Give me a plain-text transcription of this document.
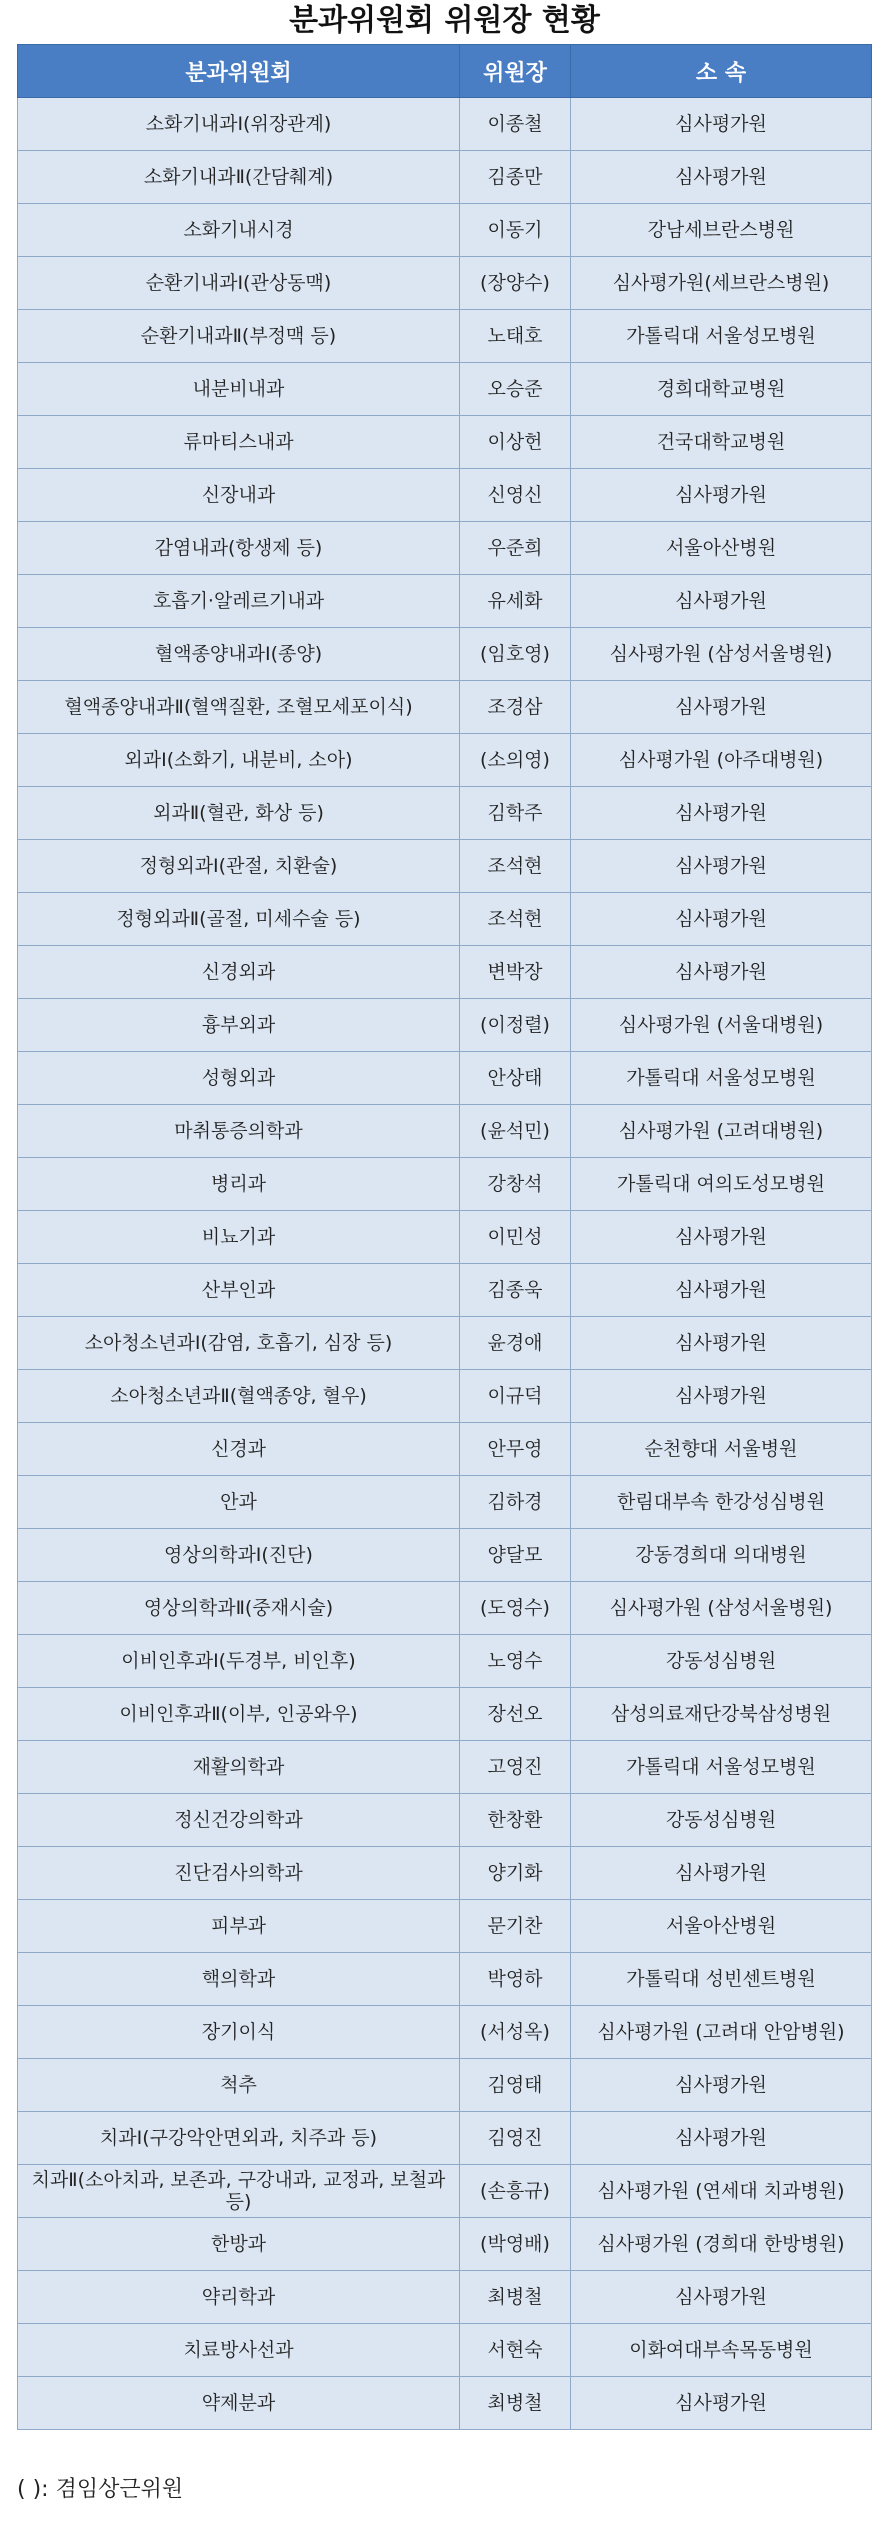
분과위원회 위원장 현황
분과위원회	위원장	소 속
소화기내과Ⅰ(위장관계)	이종철	심사평가원
소화기내과Ⅱ(간담췌계)	김종만	심사평가원
소화기내시경	이동기	강남세브란스병원
순환기내과Ⅰ(관상동맥)	(장양수)	심사평가원(세브란스병원)
순환기내과Ⅱ(부정맥 등)	노태호	가톨릭대 서울성모병원
내분비내과	오승준	경희대학교병원
류마티스내과	이상헌	건국대학교병원
신장내과	신영신	심사평가원
감염내과(항생제 등)	우준희	서울아산병원
호흡기·알레르기내과	유세화	심사평가원
혈액종양내과Ⅰ(종양)	(임호영)	심사평가원 (삼성서울병원)
혈액종양내과Ⅱ(혈액질환, 조혈모세포이식)	조경삼	심사평가원
외과Ⅰ(소화기, 내분비, 소아)	(소의영)	심사평가원 (아주대병원)
외과Ⅱ(혈관, 화상 등)	김학주	심사평가원
정형외과Ⅰ(관절, 치환술)	조석현	심사평가원
정형외과Ⅱ(골절, 미세수술 등)	조석현	심사평가원
신경외과	변박장	심사평가원
흉부외과	(이정렬)	심사평가원 (서울대병원)
성형외과	안상태	가톨릭대 서울성모병원
마취통증의학과	(윤석민)	심사평가원 (고려대병원)
병리과	강창석	가톨릭대 여의도성모병원
비뇨기과	이민성	심사평가원
산부인과	김종욱	심사평가원
소아청소년과Ⅰ(감염, 호흡기, 심장 등)	윤경애	심사평가원
소아청소년과Ⅱ(혈액종양, 혈우)	이규덕	심사평가원
신경과	안무영	순천향대 서울병원
안과	김하경	한림대부속 한강성심병원
영상의학과Ⅰ(진단)	양달모	강동경희대 의대병원
영상의학과Ⅱ(중재시술)	(도영수)	심사평가원 (삼성서울병원)
이비인후과Ⅰ(두경부, 비인후)	노영수	강동성심병원
이비인후과Ⅱ(이부, 인공와우)	장선오	삼성의료재단강북삼성병원
재활의학과	고영진	가톨릭대 서울성모병원
정신건강의학과	한창환	강동성심병원
진단검사의학과	양기화	심사평가원
피부과	문기찬	서울아산병원
핵의학과	박영하	가톨릭대 성빈센트병원
장기이식	(서성옥)	심사평가원 (고려대 안암병원)
척추	김영태	심사평가원
치과Ⅰ(구강악안면외과, 치주과 등)	김영진	심사평가원
치과Ⅱ(소아치과, 보존과, 구강내과, 교정과, 보철과 등)	(손흥규)	심사평가원 (연세대 치과병원)
한방과	(박영배)	심사평가원 (경희대 한방병원)
약리학과	최병철	심사평가원
치료방사선과	서현숙	이화여대부속목동병원
약제분과	최병철	심사평가원
( ): 겸임상근위원
